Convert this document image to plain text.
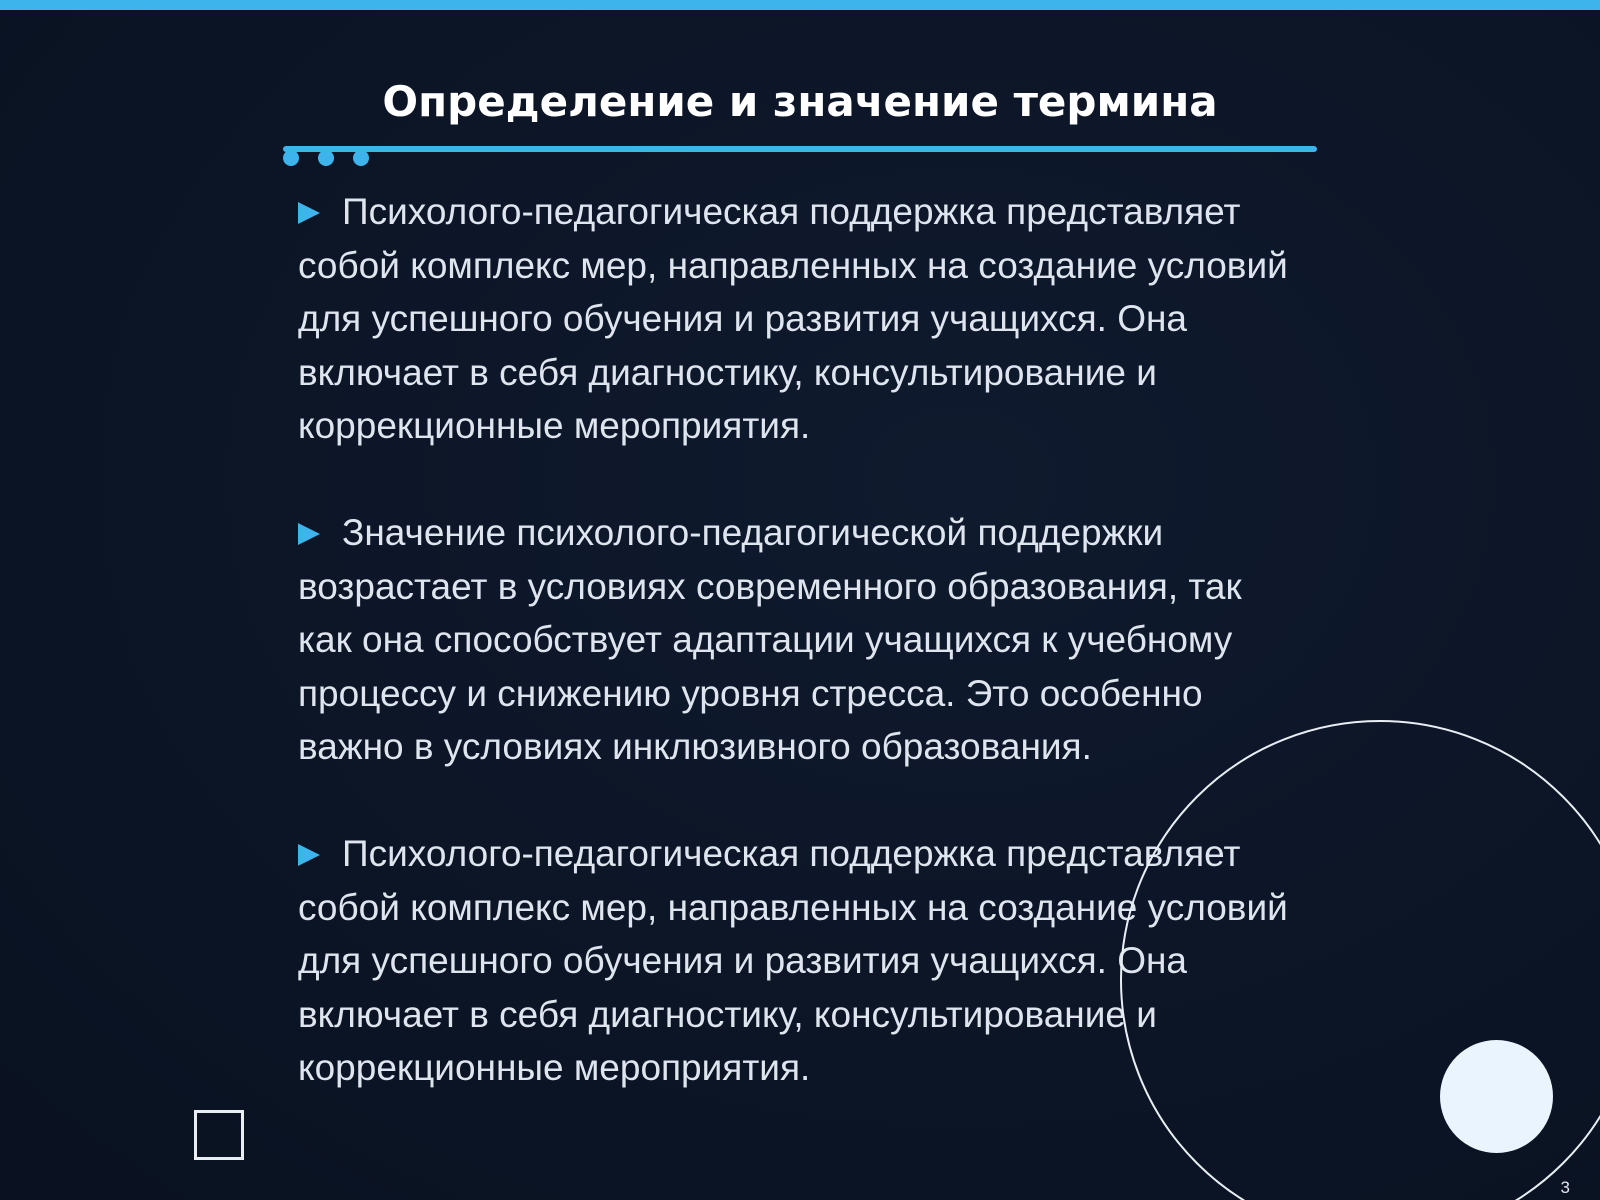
Определение и значение термина
Психолого-педагогическая поддержка представляет собой комплекс мер, направленных на создание условий для успешного обучения и развития учащихся. Она включает в себя диагностику, консультирование и коррекционные мероприятия.
Значение психолого-педагогической поддержки возрастает в условиях современного образования, так как она способствует адаптации учащихся к учебному процессу и снижению уровня стресса. Это особенно важно в условиях инклюзивного образования.
Психолого-педагогическая поддержка представляет собой комплекс мер, направленных на создание условий для успешного обучения и развития учащихся. Она включает в себя диагностику, консультирование и коррекционные мероприятия.
3
